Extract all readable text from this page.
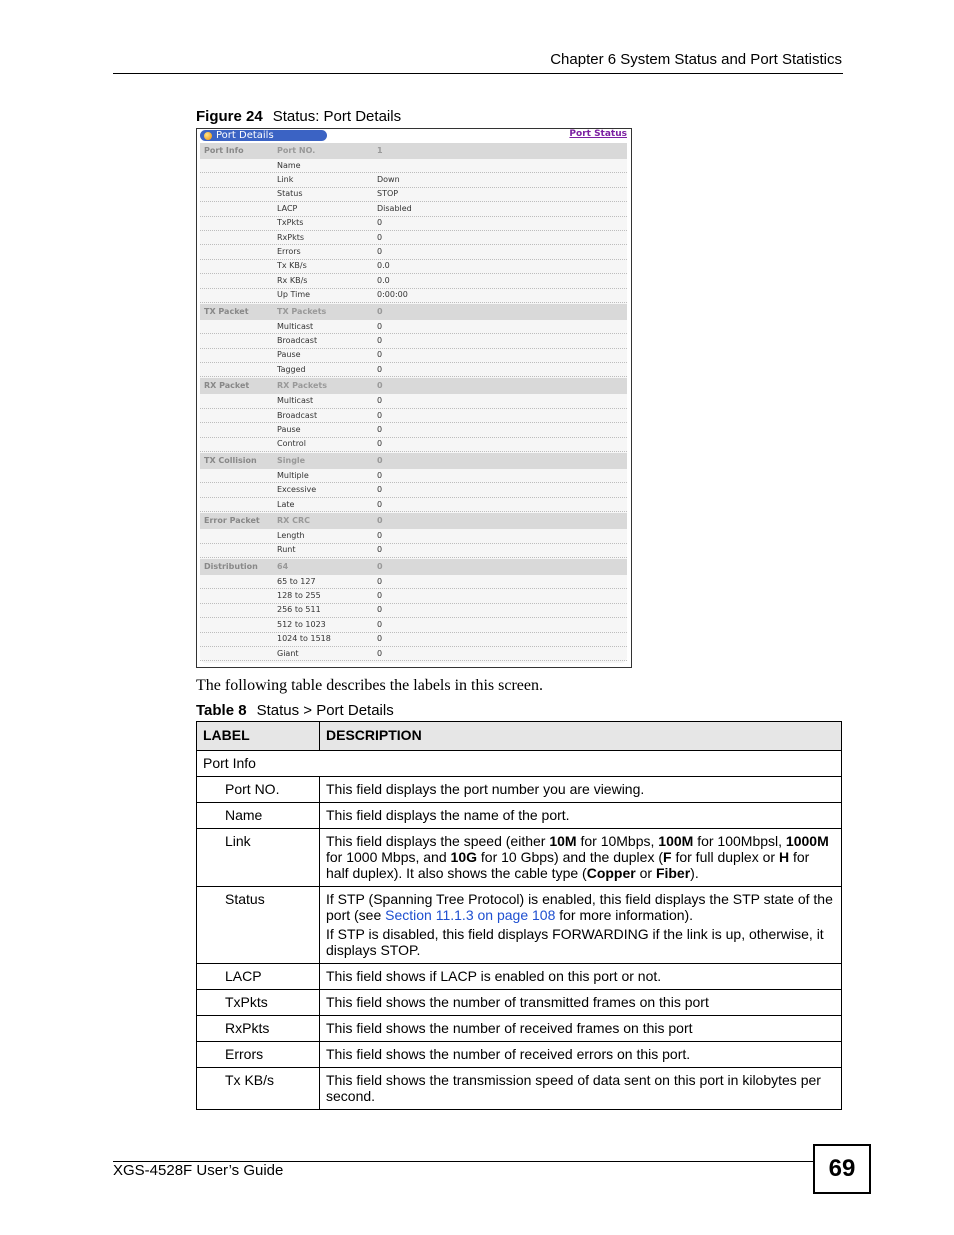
Chapter 6 System Status and Port Statistics
Figure 24 Status: Port Details
Port Details	Port Status
Port Info	Port NO.	1
Name
Link	Down
Status	STOP
LACP	Disabled
TxPkts	0
RxPkts	0
Errors	0
Tx KB/s	0.0
Rx KB/s	0.0
Up Time	0:00:00
TX Packet	TX Packets	0
Multicast	0
Broadcast	0
Pause	0
Tagged	0
RX Packet	RX Packets	0
Multicast	0
Broadcast	0
Pause	0
Control	0
TX Collision	Single	0
Multiple	0
Excessive	0
Late	0
Error Packet	RX CRC	0
Length	0
Runt	0
Distribution	64	0
65 to 127	0
128 to 255	0
256 to 511	0
512 to 1023	0
1024 to 1518	0
Giant	0
The following table describes the labels in this screen.
Table 8 Status > Port Details
LABEL	DESCRIPTION
Port Info	
Port NO.	This field displays the port number you are viewing.

Name	This field displays the name of the port.

Link	This field displays the speed (either 10M for 10Mbps, 100M for 100Mbpsl, 1000M for 1000 Mbps, and 10G for 10 Gbps) and the duplex (F for full duplex or H for half duplex). It also shows the cable type (Copper or Fiber).

Status	If STP (Spanning Tree Protocol) is enabled, this field displays the STP state of the port (see Section 11.1.3 on page 108 for more information).
If STP is disabled, this field displays FORWARDING if the link is up, otherwise, it displays STOP.

LACP	This field shows if LACP is enabled on this port or not.

TxPkts	This field shows the number of transmitted frames on this port

RxPkts	This field shows the number of received frames on this port

Errors	This field shows the number of received errors on this port.

Tx KB/s	This field shows the transmission speed of data sent on this port in kilobytes per second.
XGS-4528F User’s Guide	69
